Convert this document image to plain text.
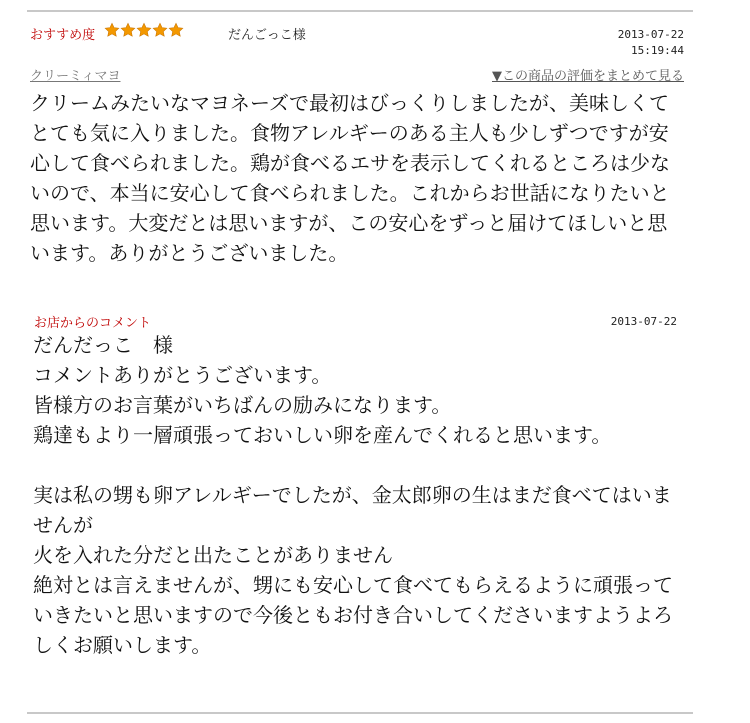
おすすめ度	だんごっこ様	2013-07-22
15:19:44
クリーミィマヨ	▼この商品の評価をまとめて見る

クリームみたいなマヨネーズで最初はびっくりしましたが、美味しくてとても気に入りました。食物アレルギーのある主人も少しずつですが安心して食べられました。鶏が食べるエサを表示してくれるところは少ないので、本当に安心して食べられました。これからお世話になりたいと思います。大変だとは思いますが、この安心をずっと届けてほしいと思います。ありがとうございました。

お店からのコメント	2013-07-22

だんだっこ　様
コメントありがとうございます。
皆様方のお言葉がいちばんの励みになります。
鶏達もより一層頑張っておいしい卵を産んでくれると思います。

実は私の甥も卵アレルギーでしたが、金太郎卵の生はまだ食べてはいませんが
火を入れた分だと出たことがありません
絶対とは言えませんが、甥にも安心して食べてもらえるように頑張っていきたいと思いますので今後ともお付き合いしてくださいますようよろしくお願いします。
